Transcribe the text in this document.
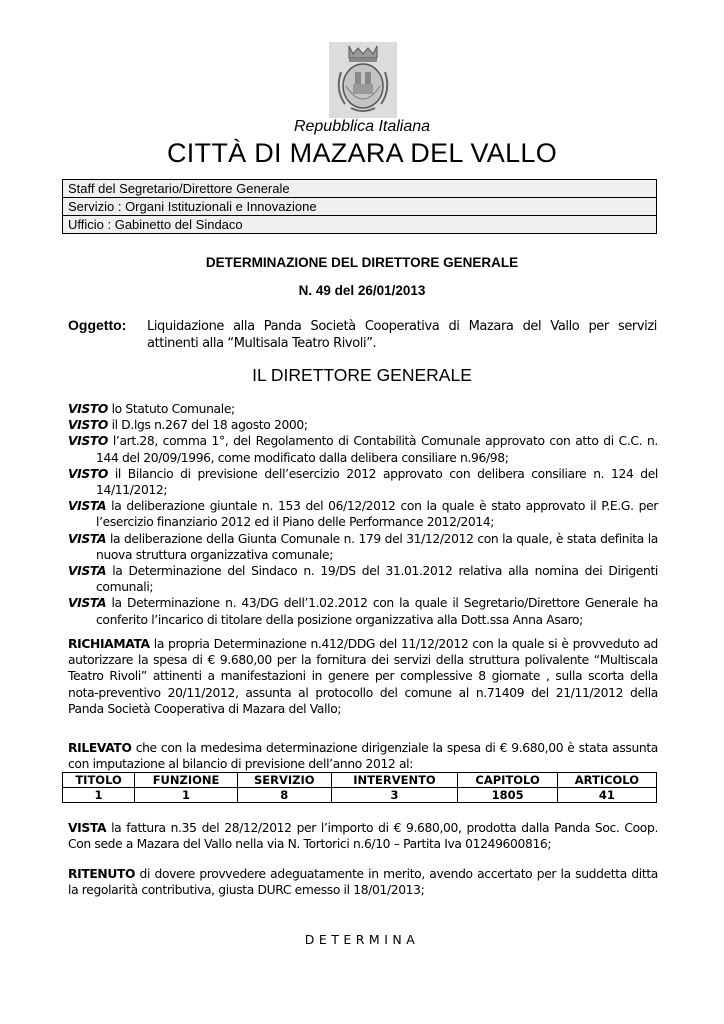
Repubblica Italiana
CITTÀ DI MAZARA DEL VALLO
Staff del Segretario/Direttore Generale
Servizio : Organi Istituzionali e Innovazione
Ufficio : Gabinetto del Sindaco
DETERMINAZIONE DEL DIRETTORE GENERALE
N. 49 del 26/01/2013
Oggetto: Liquidazione alla Panda Società Cooperativa di Mazara del Vallo per servizi attinenti alla “Multisala Teatro Rivoli”.
IL DIRETTORE GENERALE
VISTO lo Statuto Comunale;
VISTO il D.lgs n.267 del 18 agosto 2000;
VISTO l’art.28, comma 1°, del Regolamento di Contabilità Comunale approvato con atto di C.C. n. 144 del 20/09/1996, come modificato dalla delibera consiliare n.96/98;
VISTO il Bilancio di previsione dell’esercizio 2012 approvato con delibera consiliare n. 124 del 14/11/2012;
VISTA la deliberazione giuntale n. 153 del 06/12/2012 con la quale è stato approvato il P.E.G. per l’esercizio finanziario 2012 ed il Piano delle Performance 2012/2014;
VISTA la deliberazione della Giunta Comunale n. 179 del 31/12/2012 con la quale, è stata definita la nuova struttura organizzativa comunale;
VISTA la Determinazione del Sindaco n. 19/DS del 31.01.2012 relativa alla nomina dei Dirigenti comunali;
VISTA la Determinazione n. 43/DG dell’1.02.2012 con la quale il Segretario/Direttore Generale ha conferito l’incarico di titolare della posizione organizzativa alla Dott.ssa Anna Asaro;
RICHIAMATA la propria Determinazione n.412/DDG del 11/12/2012 con la quale si è provveduto ad autorizzare la spesa di € 9.680,00 per la fornitura dei servizi della struttura polivalente “Multiscala Teatro Rivoli” attinenti a manifestazioni in genere per complessive 8 giornate , sulla scorta della nota-preventivo 20/11/2012, assunta al protocollo del comune al n.71409 del 21/11/2012 della Panda Società Cooperativa di Mazara del Vallo;
RILEVATO che con la medesima determinazione dirigenziale la spesa di € 9.680,00 è stata assunta con imputazione al bilancio di previsione dell’anno 2012 al:
TITOLO	FUNZIONE	SERVIZIO	INTERVENTO	CAPITOLO	ARTICOLO
1	1	8	3	1805	41
VISTA la fattura n.35 del 28/12/2012 per l’importo di € 9.680,00, prodotta dalla Panda Soc. Coop. Con sede a Mazara del Vallo nella via N. Tortorici n.6/10 – Partita Iva 01249600816;
RITENUTO di dovere provvedere adeguatamente in merito, avendo accertato per la suddetta ditta la regolarità contributiva, giusta DURC emesso il 18/01/2013;
DETERMINA
